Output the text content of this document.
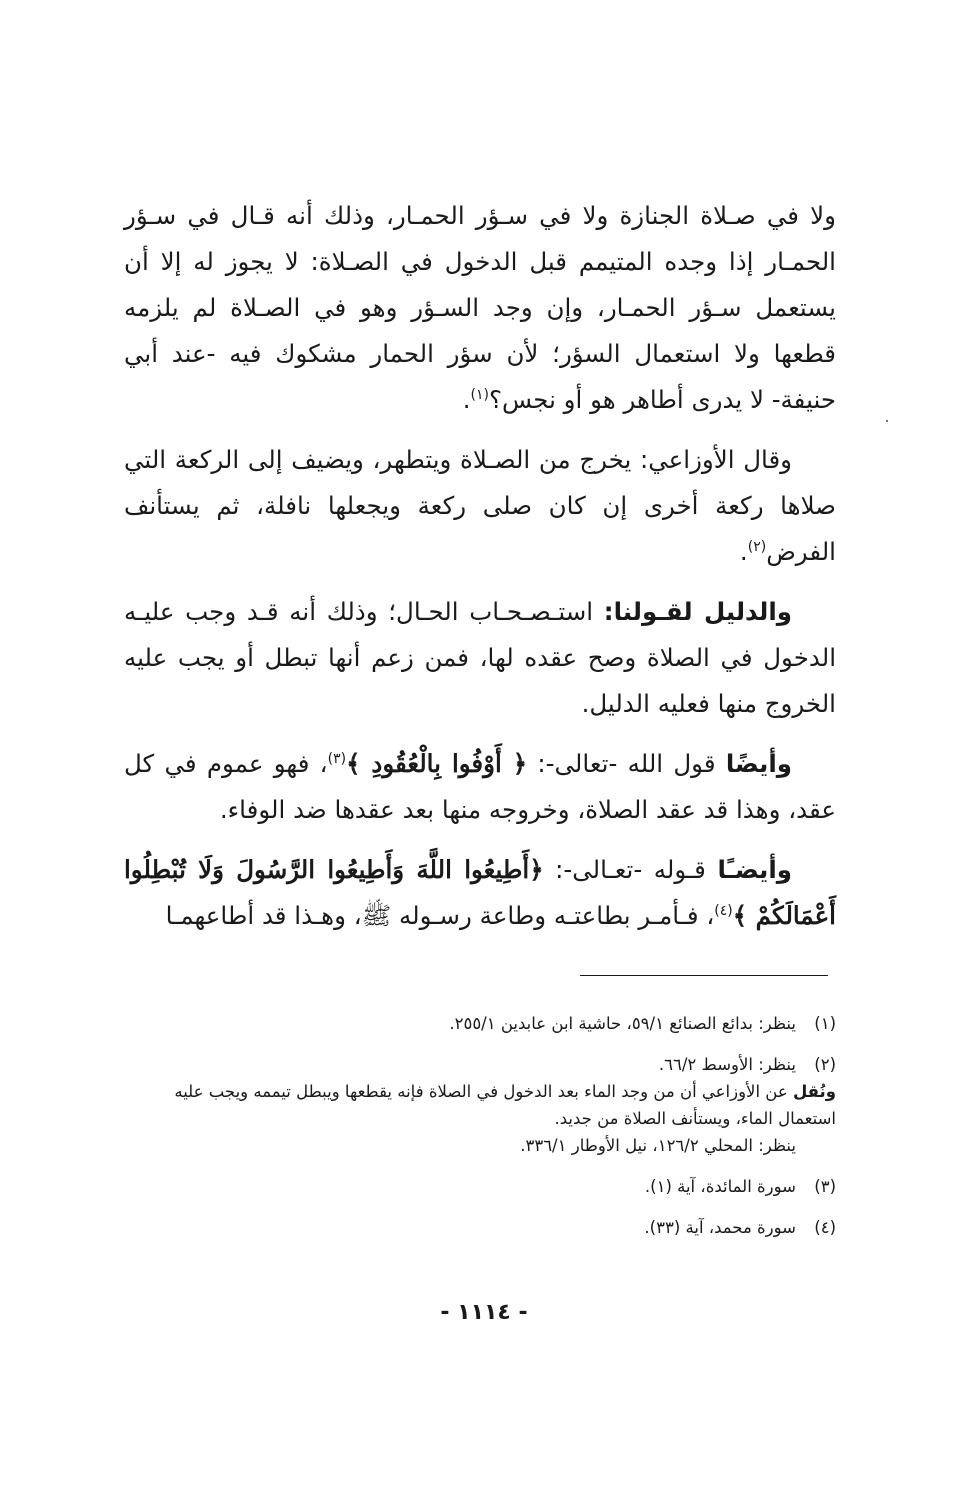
ولا في صـلاة الجنازة ولا في سـؤر الحمـار، وذلك أنه قـال في سـؤر الحمـار إذا وجده المتيمم قبل الدخول في الصـلاة: لا يجوز له إلا أن يستعمل سـؤر الحمـار، وإن وجد السـؤر وهو في الصـلاة لم يلزمه قطعها ولا استعمال السؤر؛ لأن سؤر الحمار مشكوك فيه -عند أبي حنيفة- لا يدرى أطاهر هو أو نجس؟$^{(١)}$.

وقال الأوزاعي: يخرج من الصـلاة ويتطهر، ويضيف إلى الركعة التي صلاها ركعة أخرى إن كان صلى ركعة ويجعلها نافلة، ثم يستأنف الفرض$^{(٢)}$.

والدليل لقـولنا: استـصـحـاب الحـال؛ وذلك أنه قـد وجب عليـه الدخول في الصلاة وصح عقده لها، فمن زعم أنها تبطل أو يجب عليه الخروج منها فعليه الدليل.

وأيضًا قول الله -تعالى-: ﴿ أَوْفُوا بِالْعُقُودِ ﴾$^{(٣)}$، فهو عموم في كل عقد، وهذا قد عقد الصلاة، وخروجه منها بعد عقدها ضد الوفاء.

وأيضـًا قـوله -تعـالى-: ﴿أَطِيعُوا اللَّهَ وَأَطِيعُوا الرَّسُولَ وَلَا تُبْطِلُوا أَعْمَالَكُمْ ﴾$^{(٤)}$، فـأمـر بطاعتـه وطاعة رسـوله ﷺ، وهـذا قد أطاعهمـا

(١)
ينظر: بدائع الصنائع ٥٩/١، حاشية ابن عابدين ٢٥٥/١.
(٢)
ينظر: الأوسط ٦٦/٢.
ونُقل عن الأوزاعي أن من وجد الماء بعد الدخول في الصلاة فإنه يقطعها ويبطل تيممه ويجب عليه استعمال الماء، ويستأنف الصلاة من جديد.
ينظر: المحلي ١٢٦/٢، نيل الأوطار ٣٣٦/١.
(٣)
سورة المائدة، آية (١).
(٤)
سورة محمد، آية (٣٣).
- ١١١٤ -
